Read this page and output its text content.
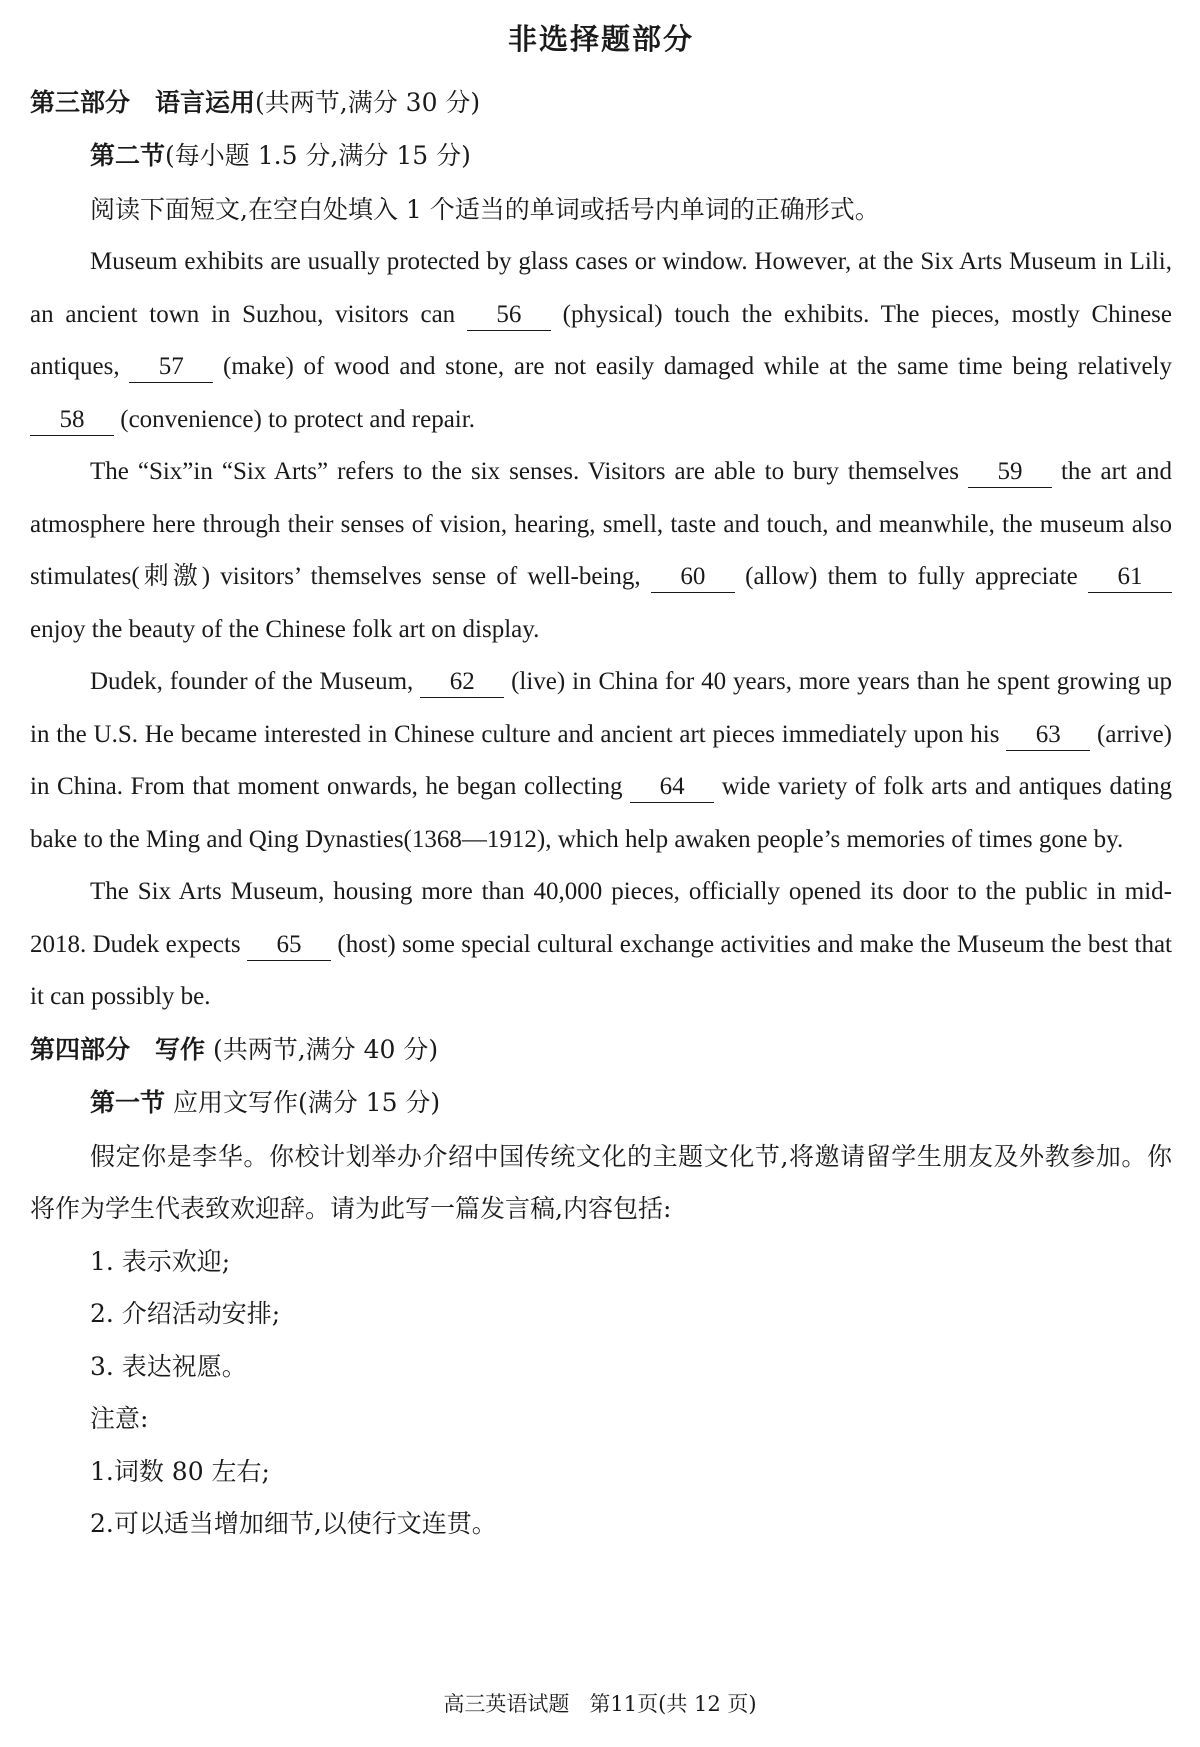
非选择题部分

第三部分 语言运用(共两节,满分 30 分)

第二节(每小题 1.5 分,满分 15 分)

阅读下面短文,在空白处填入 1 个适当的单词或括号内单词的正确形式。

Museum exhibits are usually protected by glass cases or window. However, at the Six Arts Museum in Lili, an ancient town in Suzhou, visitors can 56 (physical) touch the exhibits. The pieces, mostly Chinese antiques, 57 (make) of wood and stone, are not easily damaged while at the same time being relatively 58 (convenience) to protect and repair.

The “Six”in “Six Arts” refers to the six senses. Visitors are able to bury themselves 59 the art and atmosphere here through their senses of vision, hearing, smell, taste and touch, and meanwhile, the museum also stimulates(刺激) visitors’ themselves sense of well-being, 60 (allow) them to fully appreciate 61 enjoy the beauty of the Chinese folk art on display.

Dudek, founder of the Museum, 62 (live) in China for 40 years, more years than he spent growing up in the U.S. He became interested in Chinese culture and ancient art pieces immediately upon his 63 (arrive) in China. From that moment onwards, he began collecting 64 wide variety of folk arts and antiques dating bake to the Ming and Qing Dynasties(1368—1912), which help awaken people’s memories of times gone by.

The Six Arts Museum, housing more than 40,000 pieces, officially opened its door to the public in mid-2018. Dudek expects 65 (host) some special cultural exchange activities and make the Museum the best that it can possibly be.

第四部分 写作 (共两节,满分 40 分)

第一节 应用文写作(满分 15 分)

假定你是李华。你校计划举办介绍中国传统文化的主题文化节,将邀请留学生朋友及外教参加。你将作为学生代表致欢迎辞。请为此写一篇发言稿,内容包括:

1. 表示欢迎;

2. 介绍活动安排;

3. 表达祝愿。

注意:

1.词数 80 左右;

2.可以适当增加细节,以使行文连贯。

高三英语试题 第11页(共 12 页)
